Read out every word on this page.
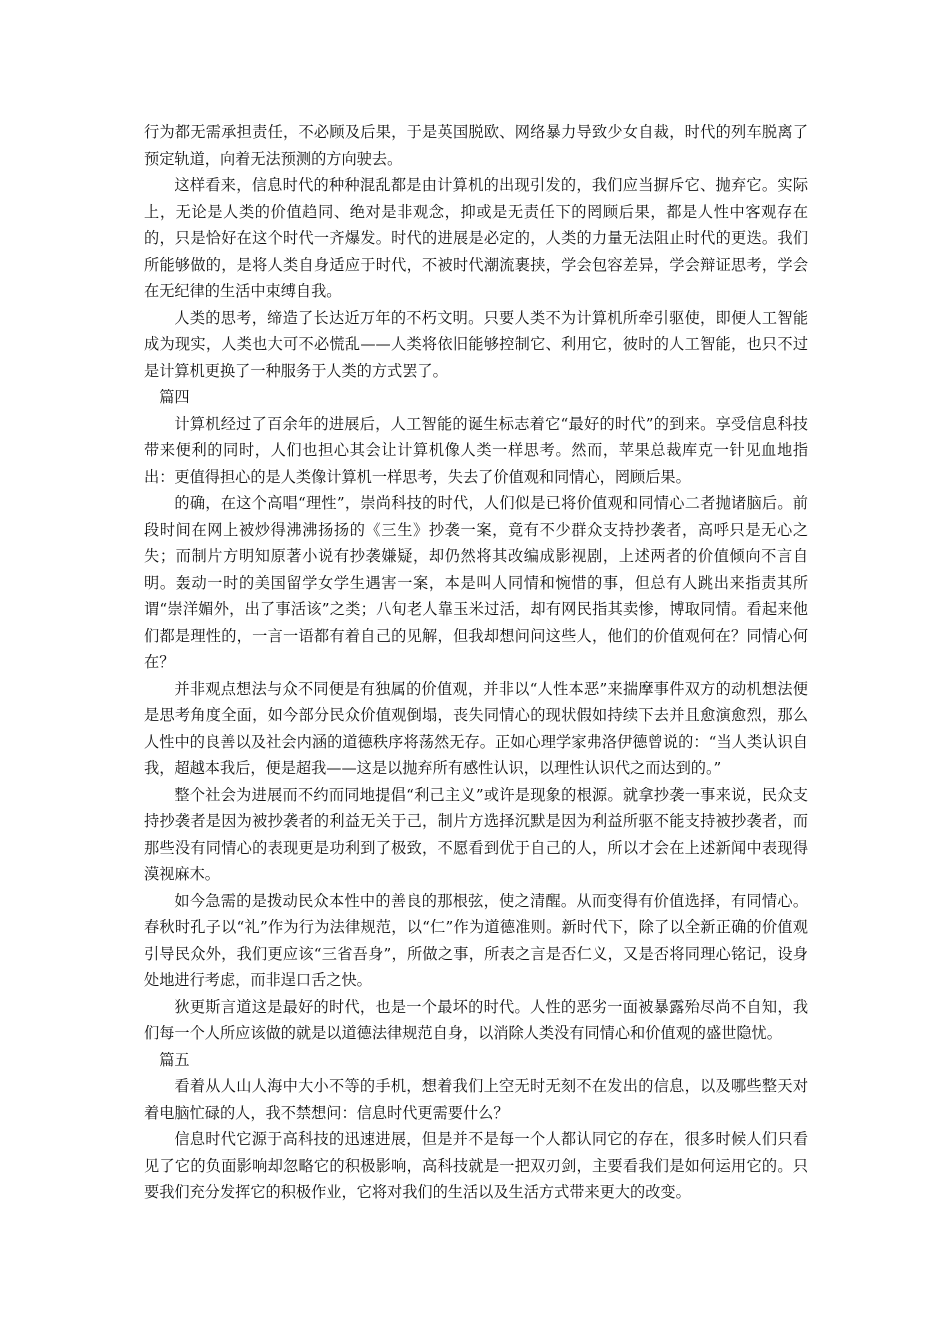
行为都无需承担责任，不必顾及后果，于是英国脱欧、网络暴力导致少女自裁，时代的列车脱离了预定轨道，向着无法预测的方向驶去。

这样看来，信息时代的种种混乱都是由计算机的出现引发的，我们应当摒斥它、抛弃它。实际上，无论是人类的价值趋同、绝对是非观念，抑或是无责任下的罔顾后果，都是人性中客观存在的，只是恰好在这个时代一齐爆发。时代的进展是必定的，人类的力量无法阻止时代的更迭。我们所能够做的，是将人类自身适应于时代，不被时代潮流裹挟，学会包容差异，学会辩证思考，学会在无纪律的生活中束缚自我。

人类的思考，缔造了长达近万年的不朽文明。只要人类不为计算机所牵引驱使，即便人工智能成为现实，人类也大可不必慌乱——人类将依旧能够控制它、利用它，彼时的人工智能，也只不过是计算机更换了一种服务于人类的方式罢了。

篇四

计算机经过了百余年的进展后，人工智能的诞生标志着它“最好的时代”的到来。享受信息科技带来便利的同时，人们也担心其会让计算机像人类一样思考。然而，苹果总裁库克一针见血地指出：更值得担心的是人类像计算机一样思考，失去了价值观和同情心，罔顾后果。

的确，在这个高唱“理性”，崇尚科技的时代，人们似是已将价值观和同情心二者抛诸脑后。前段时间在网上被炒得沸沸扬扬的《三生》抄袭一案，竟有不少群众支持抄袭者，高呼只是无心之失；而制片方明知原著小说有抄袭嫌疑，却仍然将其改编成影视剧，上述两者的价值倾向不言自明。轰动一时的美国留学女学生遇害一案，本是叫人同情和惋惜的事，但总有人跳出来指责其所谓“崇洋媚外，出了事活该”之类；八旬老人靠玉米过活，却有网民指其卖惨，博取同情。看起来他们都是理性的，一言一语都有着自己的见解，但我却想问问这些人，他们的价值观何在？同情心何在？

并非观点想法与众不同便是有独属的价值观，并非以“人性本恶”来揣摩事件双方的动机想法便是思考角度全面，如今部分民众价值观倒塌，丧失同情心的现状假如持续下去并且愈演愈烈，那么人性中的良善以及社会内涵的道德秩序将荡然无存。正如心理学家弗洛伊德曾说的：“当人类认识自我，超越本我后，便是超我——这是以抛弃所有感性认识，以理性认识代之而达到的。”

整个社会为进展而不约而同地提倡“利己主义”或许是现象的根源。就拿抄袭一事来说，民众支持抄袭者是因为被抄袭者的利益无关于己，制片方选择沉默是因为利益所驱不能支持被抄袭者，而那些没有同情心的表现更是功利到了极致，不愿看到优于自己的人，所以才会在上述新闻中表现得漠视麻木。

如今急需的是拨动民众本性中的善良的那根弦，使之清醒。从而变得有价值选择，有同情心。春秋时孔子以“礼”作为行为法律规范，以“仁”作为道德准则。新时代下，除了以全新正确的价值观引导民众外，我们更应该“三省吾身”，所做之事，所表之言是否仁义，又是否将同理心铭记，设身处地进行考虑，而非逞口舌之快。

狄更斯言道这是最好的时代，也是一个最坏的时代。人性的恶劣一面被暴露殆尽尚不自知，我们每一个人所应该做的就是以道德法律规范自身，以消除人类没有同情心和价值观的盛世隐忧。

篇五

看着从人山人海中大小不等的手机，想着我们上空无时无刻不在发出的信息，以及哪些整天对着电脑忙碌的人，我不禁想问：信息时代更需要什么？

信息时代它源于高科技的迅速进展，但是并不是每一个人都认同它的存在，很多时候人们只看见了它的负面影响却忽略它的积极影响，高科技就是一把双刃剑，主要看我们是如何运用它的。只要我们充分发挥它的积极作业，它将对我们的生活以及生活方式带来更大的改变。
